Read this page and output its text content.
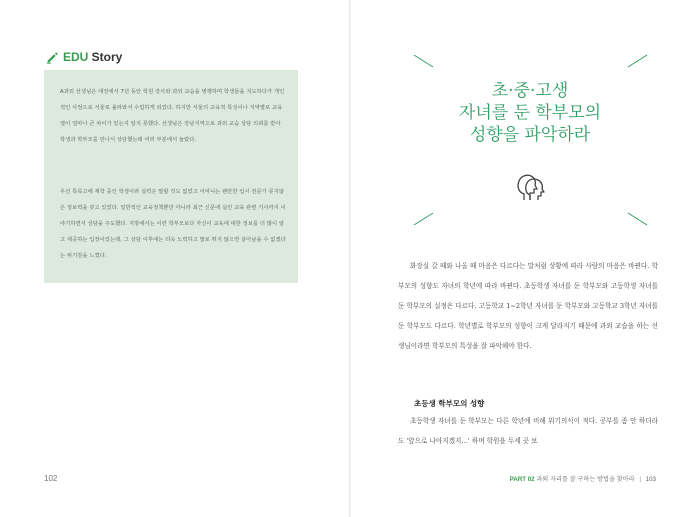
EDU Story

A과외 선생님은 대전에서 7년 동안 학원 강사와 과외 교습을 병행하며 학생들을 지도하다가 개인적인 사정으로 서울로 올라와서 수업하게 되었다. 하지만 서울의 교육적 특성이나 지역별로 교육열이 얼마나 큰 차이가 있는지 알지 못했다. 선생님은 강남지역으로 과외 교습 상담 의뢰를 받아 학생과 학부모를 만나서 상담했는데 여러 부분에서 놀랐다.

우선 특목고에 재학 중인 학생이라 실력은 말할 것도 없었고 어머니는 웬만한 입시 전문가 못지않은 정보력을 갖고 있었다. 일반적인 교육정책뿐만 아니라 최근 신문에 실린 교육 관련 기사까지 이야기하면서 상담을 주도했다. 지방에서는 이런 학부모보다 자신이 교육에 대한 정보를 더 많이 알고 제공하는 입장이었는데, 그 상담 이후에는 더욱 노력하고 발로 뛰지 않으면 살아남을 수 없겠다는 위기감을 느꼈다.

102
초·중·고생
자녀를 둔 학부모의
성향을 파악하라

화장실 갈 때와 나올 때 마음은 다르다는 말처럼 상황에 따라 사람의 마음은 바뀐다. 학부모의 성향도 자녀의 학년에 따라 바뀐다. 초등학생 자녀를 둔 학부모와 고등학생 자녀를 둔 학부모의 실정은 다르다. 고등학교 1~2학년 자녀를 둔 학부모와 고등학교 3학년 자녀를 둔 학부모도 다르다. 학년별로 학부모의 성향이 크게 달라지기 때문에 과외 교습을 하는 선생님이라면 학부모의 특성을 잘 파악해야 한다.

초등생 학부모의 성향

초등학생 자녀를 둔 학부모는 다른 학년에 비해 위기의식이 적다. 공부를 좀 안 하더라도 '앞으로 나아지겠지…' 하며 학원을 두세 곳 보

PART 02 과외 자리를 잘 구하는 방법을 찾아라 | 103
